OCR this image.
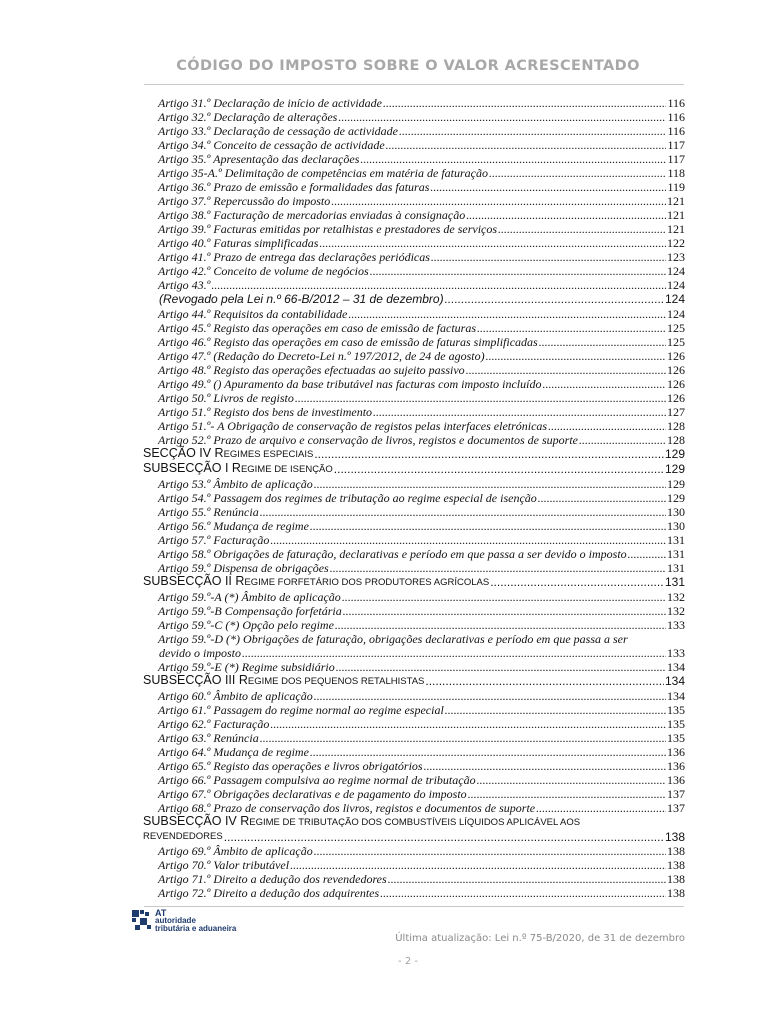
CÓDIGO DO IMPOSTO SOBRE O VALOR ACRESCENTADO
Artigo 31.º Declaração de início de actividade .....	116
Artigo 32.º Declaração de alterações .....	116
Artigo 33.º Declaração de cessação de actividade .....	116
Artigo 34.º Conceito de cessação de actividade .....	117
Artigo 35.º Apresentação das declarações .....	117
Artigo 35-A.º Delimitação de competências em matéria de faturação .....	118
Artigo 36.º Prazo de emissão e formalidades das faturas .....	119
Artigo 37.º Repercussão do imposto .....	121
Artigo 38.º Facturação de mercadorias enviadas à consignação .....	121
Artigo 39.º Facturas emitidas por retalhistas e prestadores de serviços .....	121
Artigo 40.º Faturas simplificadas .....	122
Artigo 41.º Prazo de entrega das declarações periódicas .....	123
Artigo 42.º Conceito de volume de negócios .....	124
Artigo 43.º .....	124
(Revogado pela Lei n.º 66-B/2012 – 31 de dezembro) .....	124
Artigo 44.º Requisitos da contabilidade .....	124
Artigo 45.º Registo das operações em caso de emissão de facturas .....	125
Artigo 46.º Registo das operações em caso de emissão de faturas simplificadas .....	125
Artigo 47.º (Redação do Decreto-Lei n.º 197/2012, de 24 de agosto) .....	126
Artigo 48.º Registo das operações efectuadas ao sujeito passivo .....	126
Artigo 49.º () Apuramento da base tributável nas facturas com imposto incluído .....	126
Artigo 50.º Livros de registo .....	126
Artigo 51.º Registo dos bens de investimento .....	127
Artigo 51.º- A Obrigação de conservação de registos pelas interfaces eletrónicas .....	128
Artigo 52.º Prazo de arquivo e conservação de livros, registos e documentos de suporte .....	128
SECÇÃO IV REGIMES ESPECIAIS .....	129
SUBSECÇÃO I REGIME DE ISENÇÃO .....	129
Artigo 53.º Âmbito de aplicação .....	129
Artigo 54.º Passagem dos regimes de tributação ao regime especial de isenção .....	129
Artigo 55.º Renúncia .....	130
Artigo 56.º Mudança de regime .....	130
Artigo 57.º Facturação .....	131
Artigo 58.º Obrigações de faturação, declarativas e período em que passa a ser devido o imposto .....	131
Artigo 59.º Dispensa de obrigações .....	131
SUBSECÇÃO II REGIME FORFETÁRIO DOS PRODUTORES AGRÍCOLAS .....	131
Artigo 59.º-A (*) Âmbito de aplicação .....	132
Artigo 59.º-B Compensação forfetária .....	132
Artigo 59.º-C (*) Opção pelo regime .....	133
Artigo 59.º-D (*) Obrigações de faturação, obrigações declarativas e período em que passa a ser
devido o imposto .....	133
Artigo 59.º-E (*) Regime subsidiário .....	134
SUBSECÇÃO III REGIME DOS PEQUENOS RETALHISTAS .....	134
Artigo 60.º Âmbito de aplicação .....	134
Artigo 61.º Passagem do regime normal ao regime especial .....	135
Artigo 62.º Facturação .....	135
Artigo 63.º Renúncia .....	135
Artigo 64.º Mudança de regime .....	136
Artigo 65.º Registo das operações e livros obrigatórios .....	136
Artigo 66.º Passagem compulsiva ao regime normal de tributação .....	136
Artigo 67.º Obrigações declarativas e de pagamento do imposto .....	137
Artigo 68.º Prazo de conservação dos livros, registos e documentos de suporte .....	137
SUBSECÇÃO IV REGIME DE TRIBUTAÇÃO DOS COMBUSTÍVEIS LÍQUIDOS APLICÁVEL AOS
REVENDEDORES .....	138
Artigo 69.º Âmbito de aplicação .....	138
Artigo 70.º Valor tributável .....	138
Artigo 71.º Direito a dedução dos revendedores .....	138
Artigo 72.º Direito a dedução dos adquirentes .....	138
AT
autoridade
tributária e aduaneira
Última atualização: Lei n.º 75-B/2020, de 31 de dezembro
- 2 -
